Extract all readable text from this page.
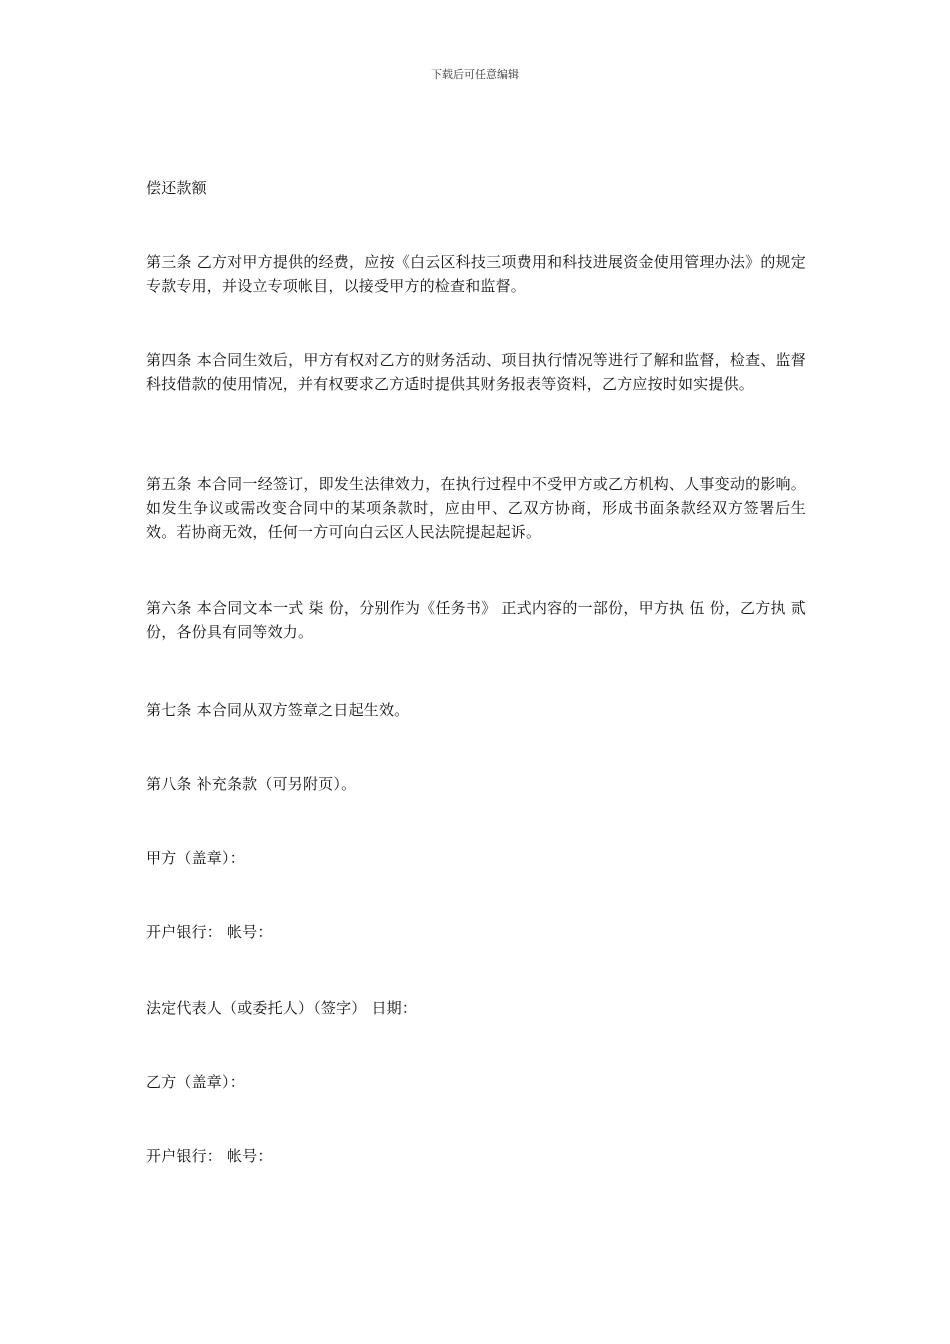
下载后可任意编辑
偿还款额
第三条 乙方对甲方提供的经费，应按《白云区科技三项费用和科技进展资金使用管理办法》的规定专款专用，并设立专项帐目，以接受甲方的检查和监督。
第四条 本合同生效后，甲方有权对乙方的财务活动、项目执行情况等进行了解和监督，检查、监督科技借款的使用情况，并有权要求乙方适时提供其财务报表等资料，乙方应按时如实提供。
第五条 本合同一经签订，即发生法律效力，在执行过程中不受甲方或乙方机构、人事变动的影响。如发生争议或需改变合同中的某项条款时，应由甲、乙双方协商，形成书面条款经双方签署后生效。若协商无效，任何一方可向白云区人民法院提起起诉。
第六条 本合同文本一式 柒 份，分别作为《任务书》 正式内容的一部份，甲方执 伍 份，乙方执 贰 份，各份具有同等效力。
第七条 本合同从双方签章之日起生效。
第八条 补充条款（可另附页）。
甲方（盖章）：
开户银行： 帐号：
法定代表人（或委托人）（签字） 日期：
乙方（盖章）：
开户银行： 帐号：
